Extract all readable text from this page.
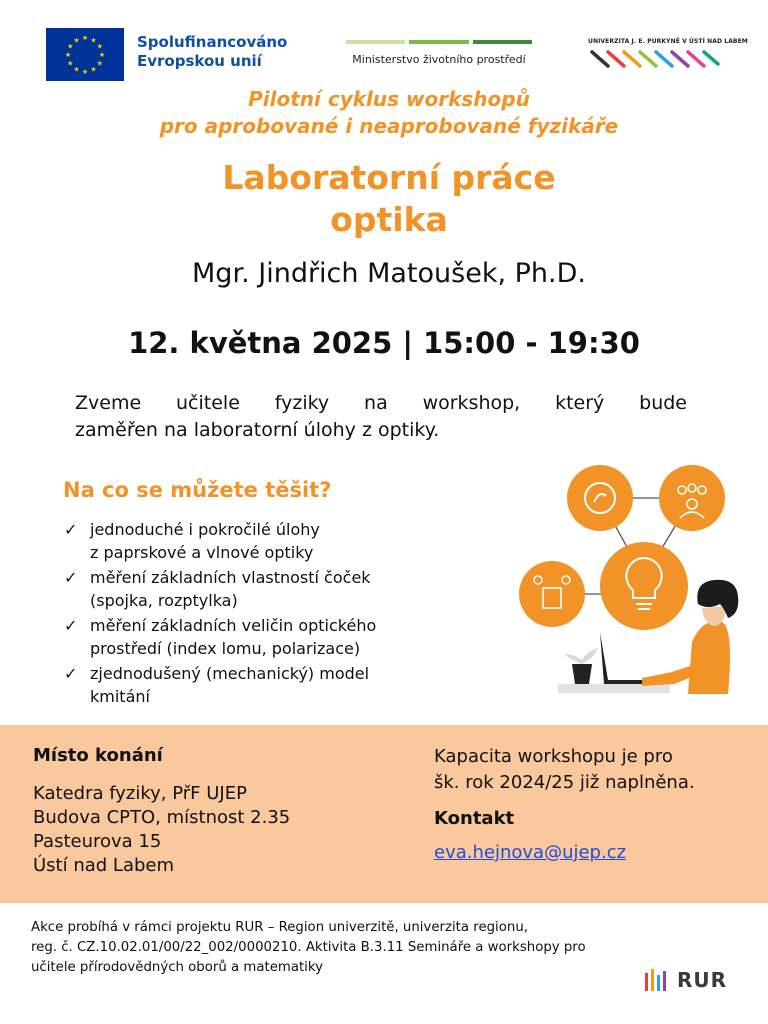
★ ★
★
★
★
★
★
★
★
★
★
★	Spolufinancováno
Evropskou unií	Ministerstvo životního prostředí
UNIVERZITA J. E. PURKYNĚ V ÚSTÍ NAD LABEM
Pilotní cyklus workshopů
pro aprobované i neaprobované fyzikáře
Laboratorní práce
optika
Mgr. Jindřich Matoušek, Ph.D.
12. května 2025 | 15:00 - 19:30
Zveme učitele fyziky na workshop, který bude
zaměřen na laboratorní úlohy z optiky.
Na co se můžete těšit?
✓ jednoduché i pokročilé úlohy
z paprskové a vlnové optiky
✓ měření základních vlastností čoček
(spojka, rozptylka)
✓ měření základních veličin optického
prostředí (index lomu, polarizace)
✓ zjednodušený (mechanický) model
kmitání
Místo konání
Katedra fyziky, PřF UJEP
Budova CPTO, místnost 2.35
Pasteurova 15
Ústí nad Labem
Kapacita workshopu je pro
šk. rok 2024/25 již naplněna.
Kontakt
eva.hejnova@ujep.cz
Akce probíhá v rámci projektu RUR – Region univerzitě, univerzita regionu,
reg. č. CZ.10.02.01/00/22_002/0000210. Aktivita B.3.11 Semináře a workshopy pro
učitele přírodovědných oborů a matematiky
RUR
